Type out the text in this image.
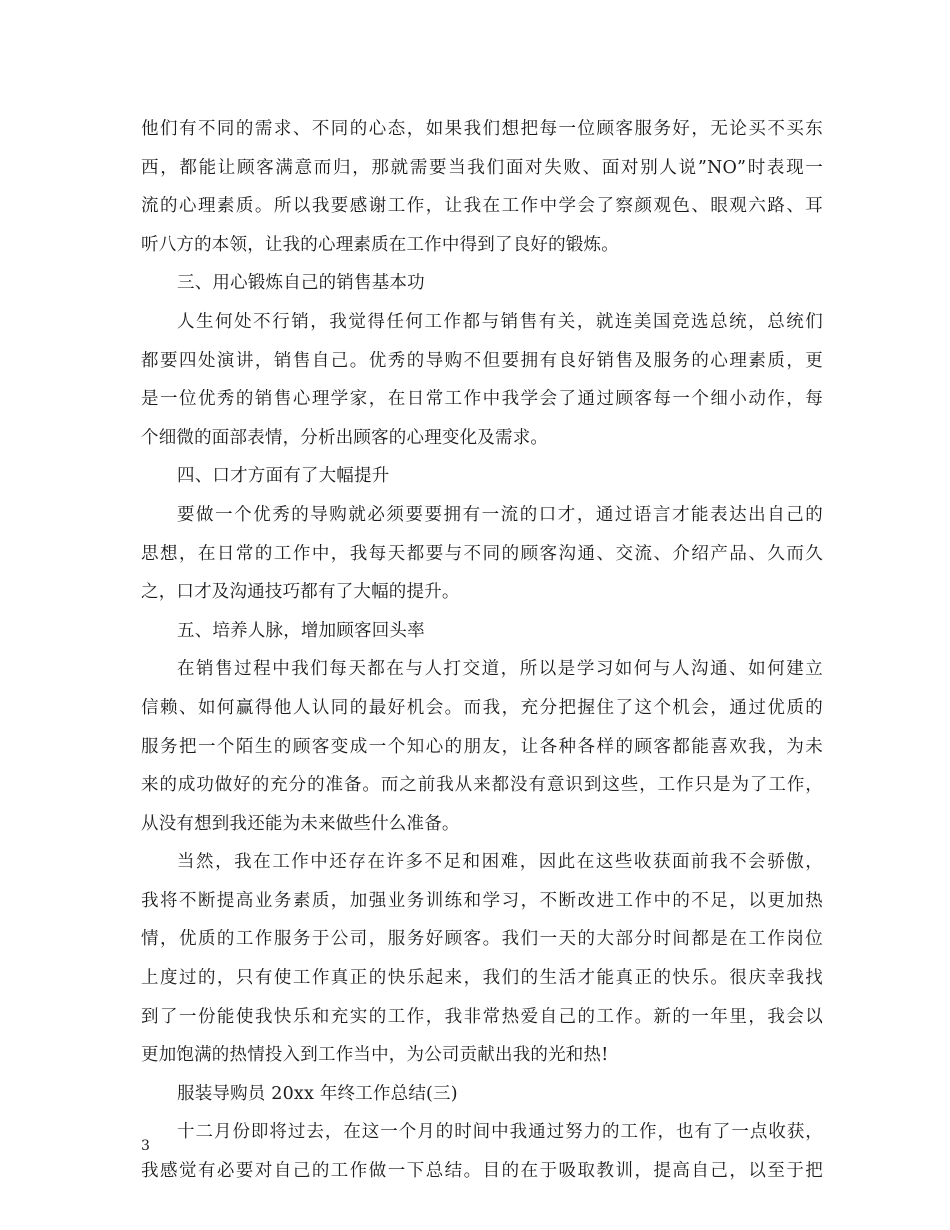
他们有不同的需求、不同的心态，如果我们想把每一位顾客服务好，无论买不买东
西，都能让顾客满意而归，那就需要当我们面对失败、面对别人说”NO”时表现一
流的心理素质。所以我要感谢工作，让我在工作中学会了察颜观色、眼观六路、耳
听八方的本领，让我的心理素质在工作中得到了良好的锻炼。
三、用心锻炼自己的销售基本功
人生何处不行销，我觉得任何工作都与销售有关，就连美国竞选总统，总统们
都要四处演讲，销售自己。优秀的导购不但要拥有良好销售及服务的心理素质，更
是一位优秀的销售心理学家，在日常工作中我学会了通过顾客每一个细小动作，每
个细微的面部表情，分析出顾客的心理变化及需求。
四、口才方面有了大幅提升
要做一个优秀的导购就必须要要拥有一流的口才，通过语言才能表达出自己的
思想，在日常的工作中，我每天都要与不同的顾客沟通、交流、介绍产品、久而久
之，口才及沟通技巧都有了大幅的提升。
五、培养人脉，增加顾客回头率
在销售过程中我们每天都在与人打交道，所以是学习如何与人沟通、如何建立
信赖、如何赢得他人认同的最好机会。而我，充分把握住了这个机会，通过优质的
服务把一个陌生的顾客变成一个知心的朋友，让各种各样的顾客都能喜欢我，为未
来的成功做好的充分的准备。而之前我从来都没有意识到这些，工作只是为了工作，
从没有想到我还能为未来做些什么准备。
当然，我在工作中还存在许多不足和困难，因此在这些收获面前我不会骄傲，
我将不断提高业务素质，加强业务训练和学习，不断改进工作中的不足，以更加热
情，优质的工作服务于公司，服务好顾客。我们一天的大部分时间都是在工作岗位
上度过的，只有使工作真正的快乐起来，我们的生活才能真正的快乐。很庆幸我找
到了一份能使我快乐和充实的工作，我非常热爱自己的工作。新的一年里，我会以
更加饱满的热情投入到工作当中，为公司贡献出我的光和热!
服装导购员 20xx 年终工作总结(三)
十二月份即将过去，在这一个月的时间中我通过努力的工作，也有了一点收获，
我感觉有必要对自己的工作做一下总结。目的在于吸取教训，提高自己，以至于把
3
